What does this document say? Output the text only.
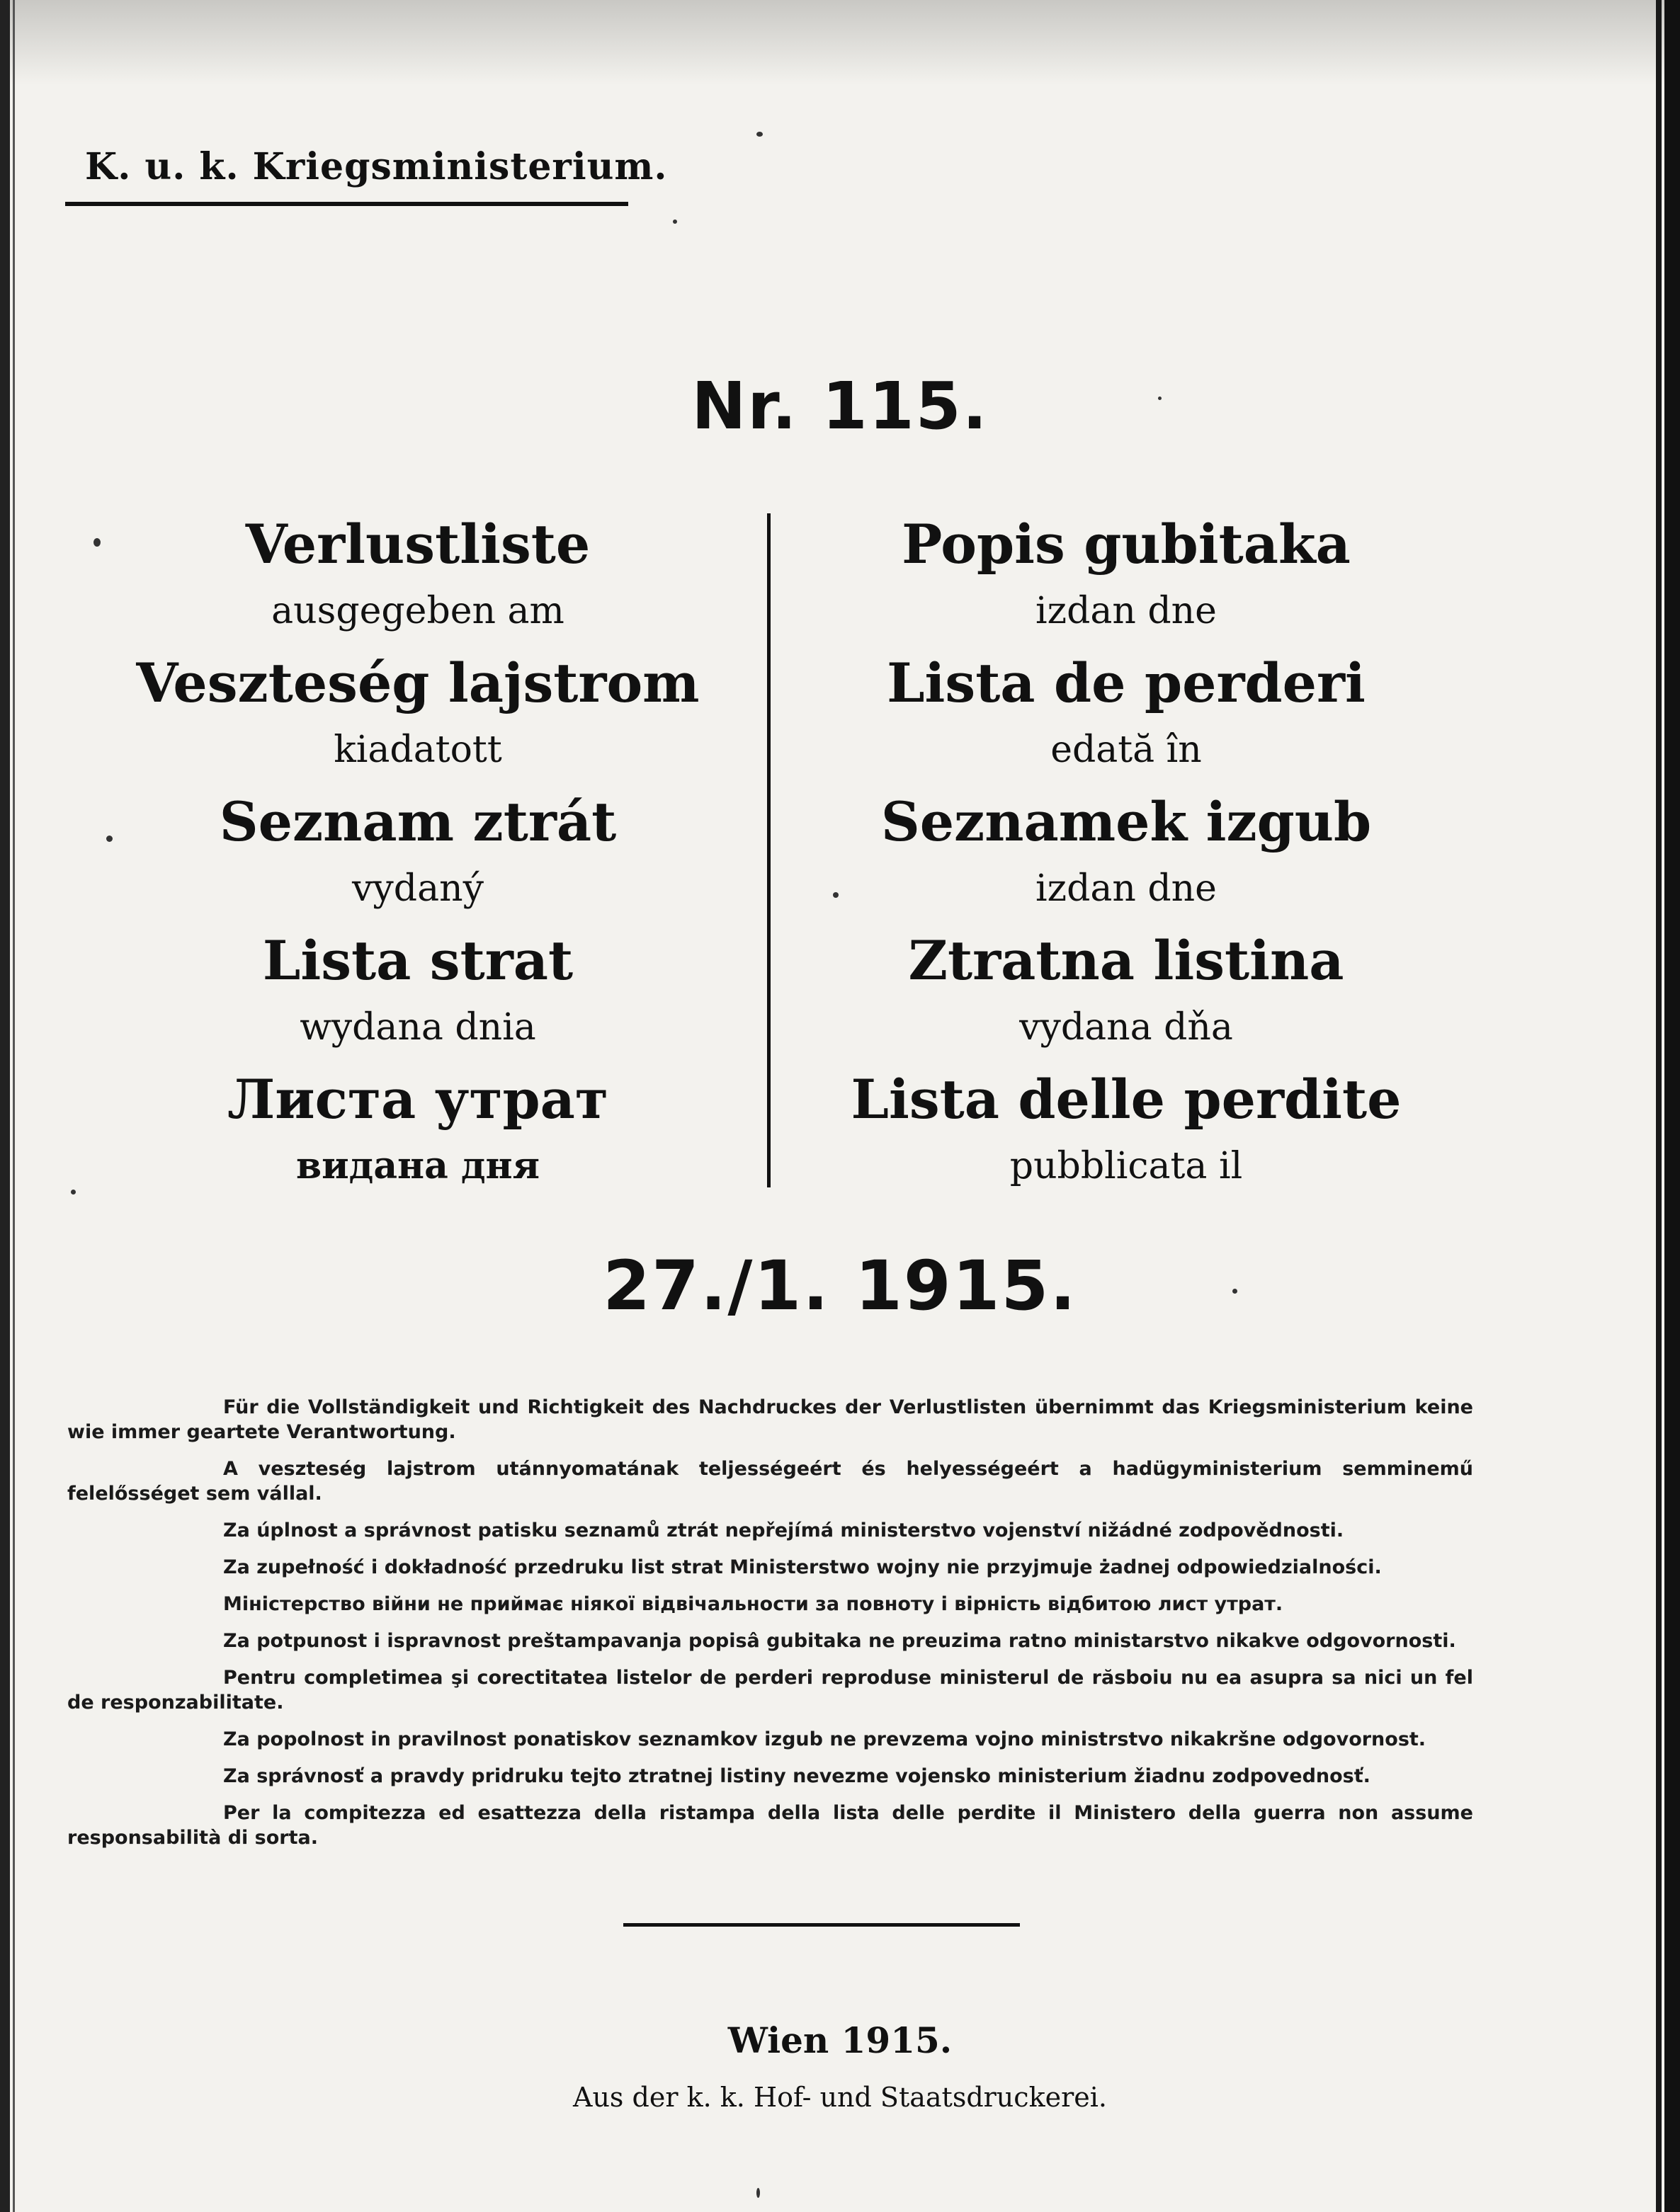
K. u. k. Kriegsministerium.
Nr. 115.
Verlustliste
ausgegeben am
Veszteség lajstrom
kiadatott
Seznam ztrát
vydaný
Lista strat
wydana dnia
Листа утрат
видана дня
Popis gubitaka
izdan dne
Lista de perderi
edată în
Seznamek izgub
izdan dne
Ztratna listina
vydana dňa
Lista delle perdite
pubblicata il
27./1. 1915.

Für die Vollständigkeit und Richtigkeit des Nachdruckes der Verlustlisten übernimmt das Kriegsministerium keine wie immer geartete Verantwortung.

A veszteség lajstrom utánnyomatának teljességeért és helyességeért a hadügyministerium semminemű felelősséget sem vállal.

Za úplnost a správnost patisku seznamů ztrát nepřejímá ministerstvo vojenství nižádné zodpovědnosti.

Za zupełność i dokładność przedruku list strat Ministerstwo wojny nie przyjmuje żadnej odpowiedzialności.

Міністерство війни не приймає ніякої відвічальности за повноту і вірність відбитою лист утрат.

Za potpunost i ispravnost preštampavanja popisâ gubitaka ne preuzima ratno ministarstvo nikakve odgovornosti.

Pentru completimea şi corectitatea listelor de perderi reproduse ministerul de răsboiu nu ea asupra sa nici un fel de responzabilitate.

Za popolnost in pravilnost ponatiskov seznamkov izgub ne prevzema vojno ministrstvo nikakršne odgovornost.

Za správnosť a pravdy pridruku tejto ztratnej listiny nevezme vojensko ministerium žiadnu zodpovednosť.

Per la compitezza ed esattezza della ristampa della lista delle perdite il Ministero della guerra non assume responsabilità di sorta.

Wien 1915.
Aus der k. k. Hof- und Staatsdruckerei.
